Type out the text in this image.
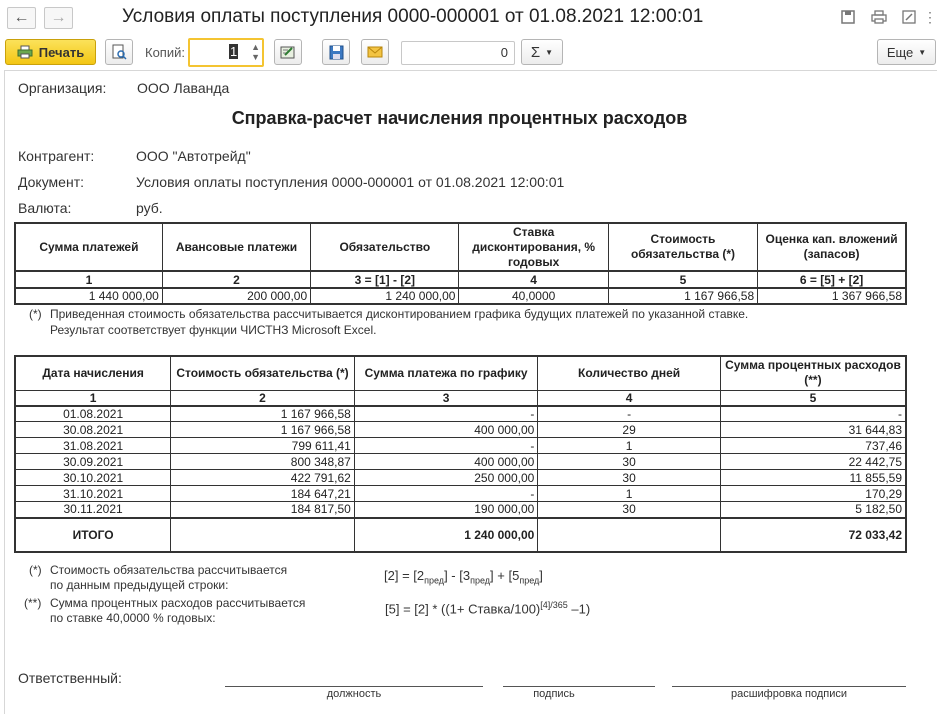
← →	Условия оплаты поступления 0000-000001 от 01.08.2021 12:00:01	⋮
Печать	Копий:	1 ▲
▼	0	Σ ▼	Еще ▼
Организация: ООО Лаванда
Справка-расчет начисления процентных расходов
Контрагент:	ООО "Автотрейд"
Документ:	Условия оплаты поступления 0000-000001 от 01.08.2021 12:00:01
Валюта:	руб.
Сумма платежей	Авансовые платежи	Обязательство	Ставка дисконтирования, % годовых	Стоимость обязательства (*)	Оценка кап. вложений (запасов)
1	2	3 = [1] - [2]	4	5	6 = [5] + [2]
1 440 000,00	200 000,00	1 240 000,00	40,0000	1 167 966,58	1 367 966,58
(*) Приведенная стоимость обязательства рассчитывается дисконтированием графика будущих платежей по указанной ставке.
Результат соответствует функции ЧИСТНЗ Microsoft Excel.
Дата начисления	Стоимость обязательства (*)	Сумма платежа по графику	Количество дней	Сумма процентных расходов (**)
1	2	3	4	5
01.08.2021	1 167 966,58	-	-	-
30.08.2021	1 167 966,58	400 000,00	29	31 644,83
31.08.2021	799 611,41	-	1	737,46
30.09.2021	800 348,87	400 000,00	30	22 442,75
30.10.2021	422 791,62	250 000,00	30	11 855,59
31.10.2021	184 647,21	-	1	170,29
30.11.2021	184 817,50	190 000,00	30	5 182,50
ИТОГО		1 240 000,00		72 033,42
(*) Стоимость обязательства рассчитывается
по данным предыдущей строки:
(**) Сумма процентных расходов рассчитывается
по ставке 40,0000 % годовых:
$[2] = [2_{пред}] - [3_{пред}] + [5_{пред}]$
[5] = [2] * ((1+ Ставка/100)$^{[4]/365}$ –1)
Ответственный:
должность	подпись	расшифровка подписи
